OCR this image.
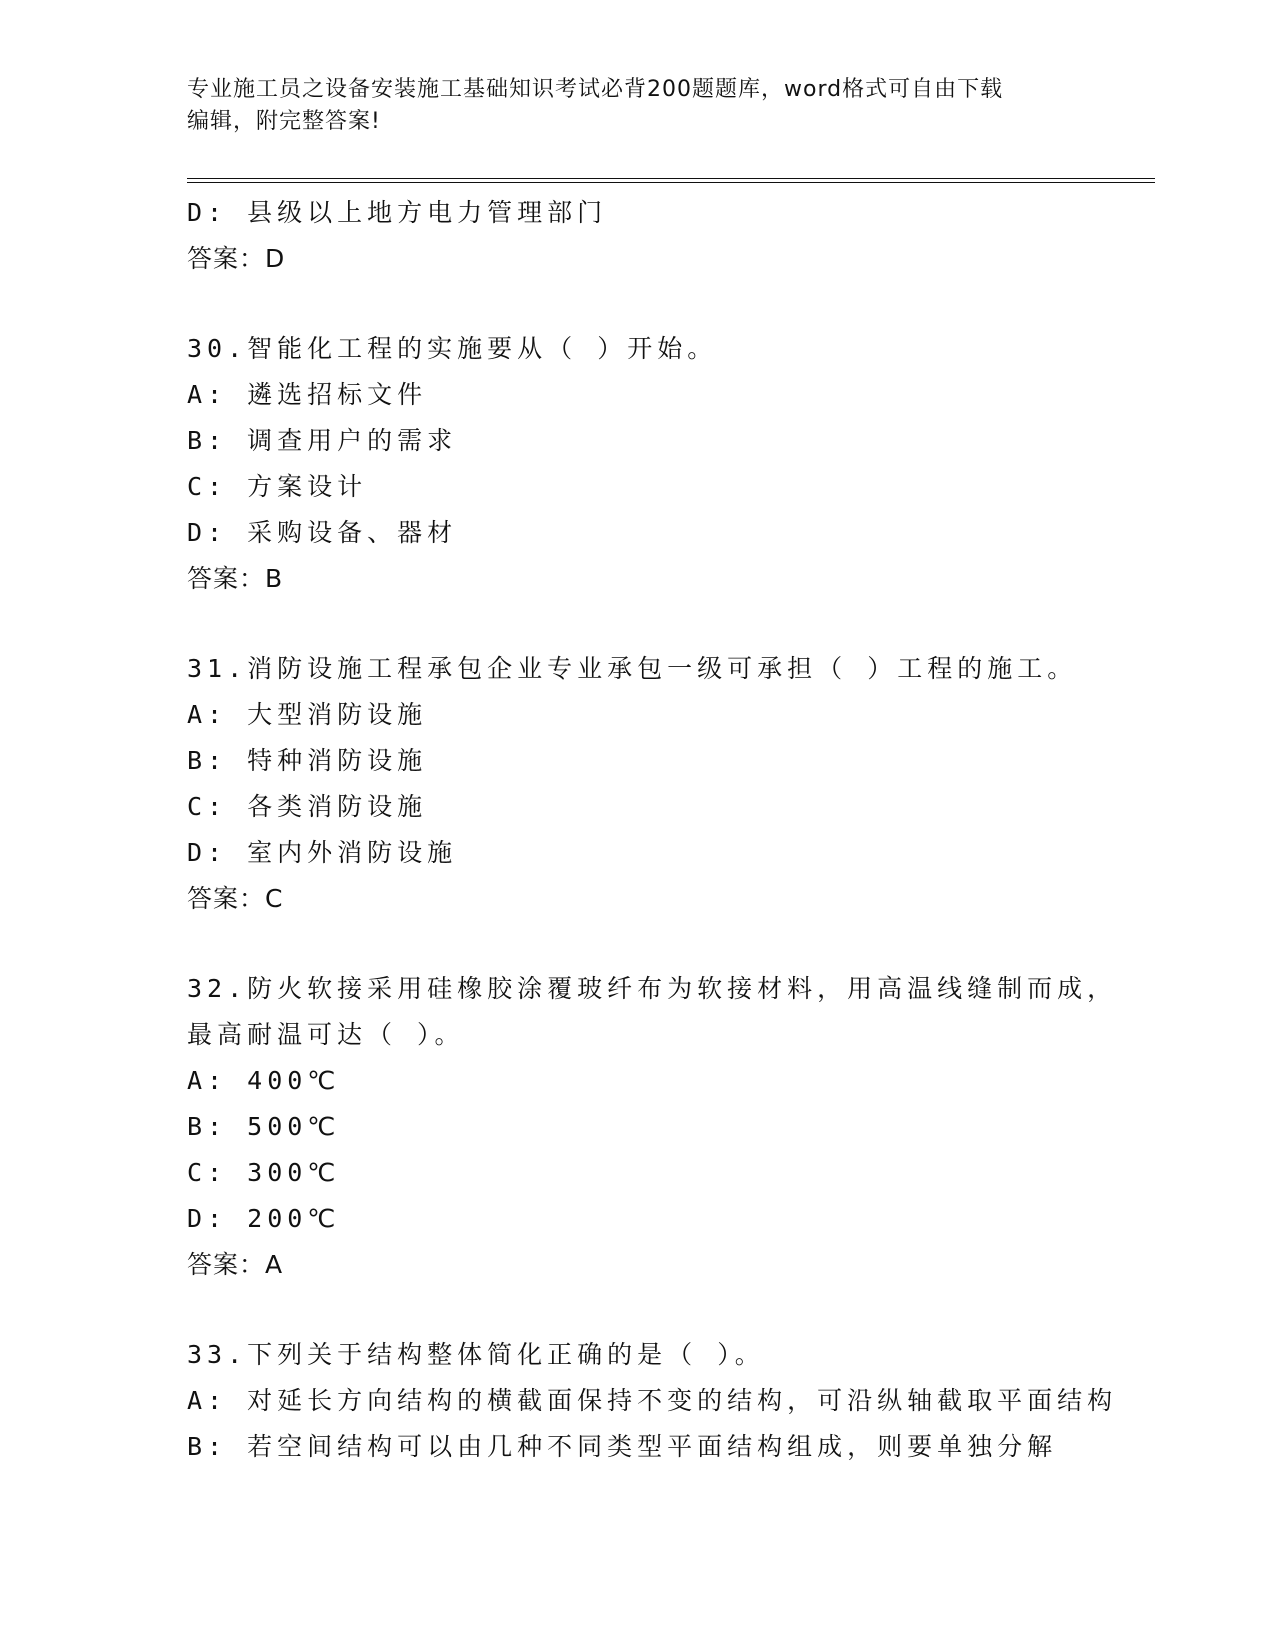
专业施工员之设备安装施工基础知识考试必背200题题库，word格式可自由下载
编辑，附完整答案!
D: 县级以上地方电力管理部门
答案：D
30.智能化工程的实施要从（ ）开始。
A: 遴选招标文件
B: 调查用户的需求
C: 方案设计
D: 采购设备、器材
答案：B
31.消防设施工程承包企业专业承包一级可承担（ ）工程的施工。
A: 大型消防设施
B: 特种消防设施
C: 各类消防设施
D: 室内外消防设施
答案：C
32.防火软接采用硅橡胶涂覆玻纤布为软接材料，用高温线缝制而成，
最高耐温可达（ ）。
A: 400℃
B: 500℃
C: 300℃
D: 200℃
答案：A
33.下列关于结构整体简化正确的是（ ）。
A: 对延长方向结构的横截面保持不变的结构，可沿纵轴截取平面结构
B: 若空间结构可以由几种不同类型平面结构组成，则要单独分解
